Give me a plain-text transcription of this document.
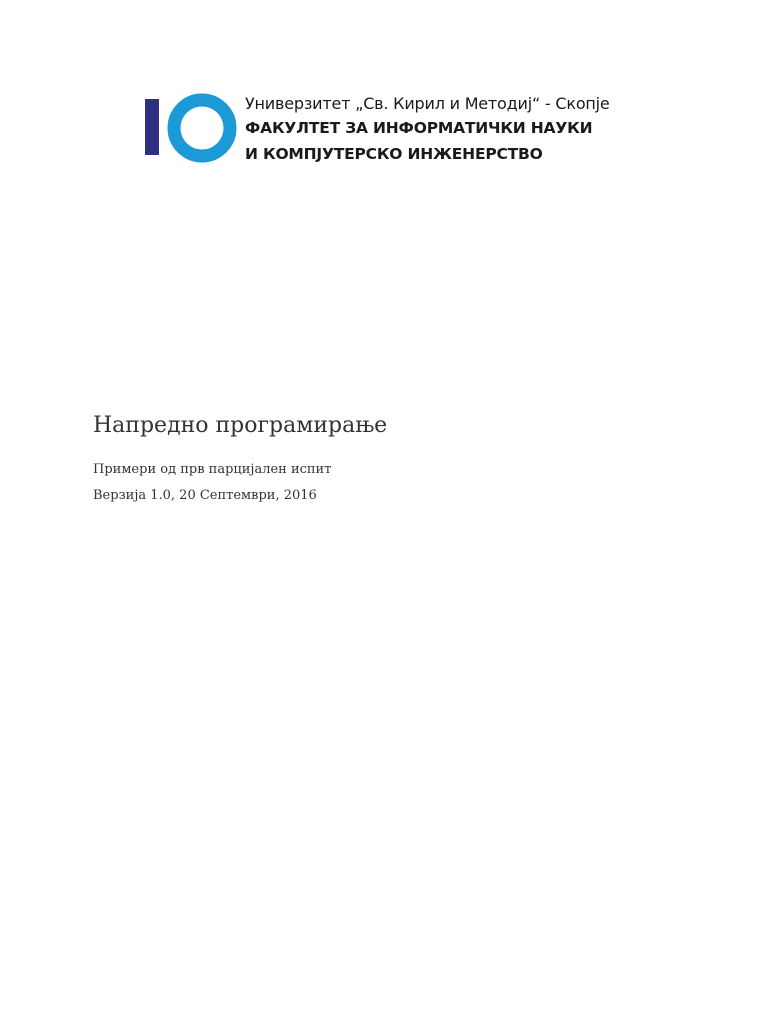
Универзитет „Св. Кирил и Методиј“ - Скопје
ФАКУЛТЕТ ЗА ИНФОРМАТИЧКИ НАУКИ
И КОМПЈУТЕРСКО ИНЖЕНЕРСТВО
Напредно програмирање

Примери од прв парцијален испит

Верзија 1.0, 20 Септември, 2016
